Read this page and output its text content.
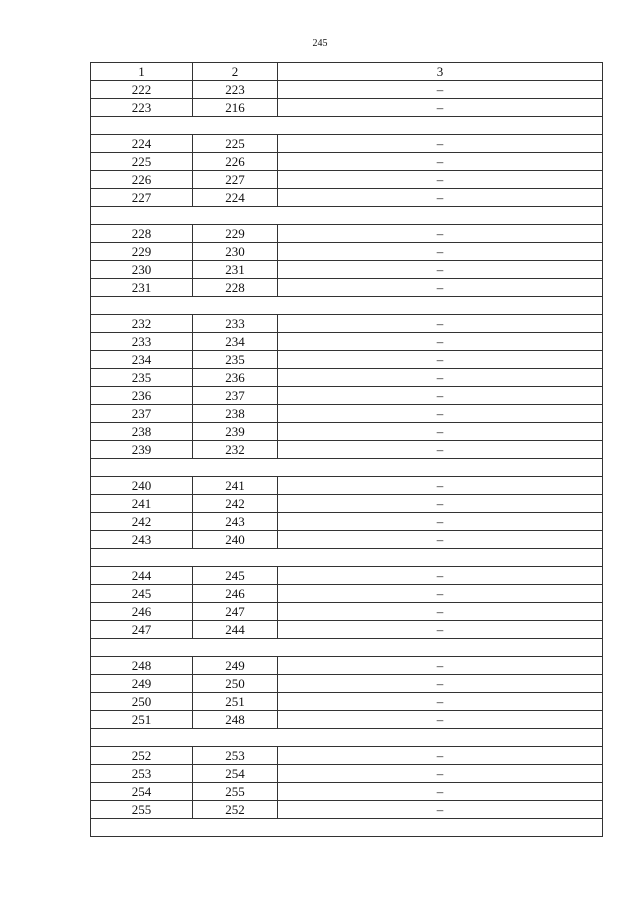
245
1	2	3
222	223	–
223	216	–

224	225	–
225	226	–
226	227	–
227	224	–

228	229	–
229	230	–
230	231	–
231	228	–

232	233	–
233	234	–
234	235	–
235	236	–
236	237	–
237	238	–
238	239	–
239	232	–

240	241	–
241	242	–
242	243	–
243	240	–

244	245	–
245	246	–
246	247	–
247	244	–

248	249	–
249	250	–
250	251	–
251	248	–

252	253	–
253	254	–
254	255	–
255	252	–
